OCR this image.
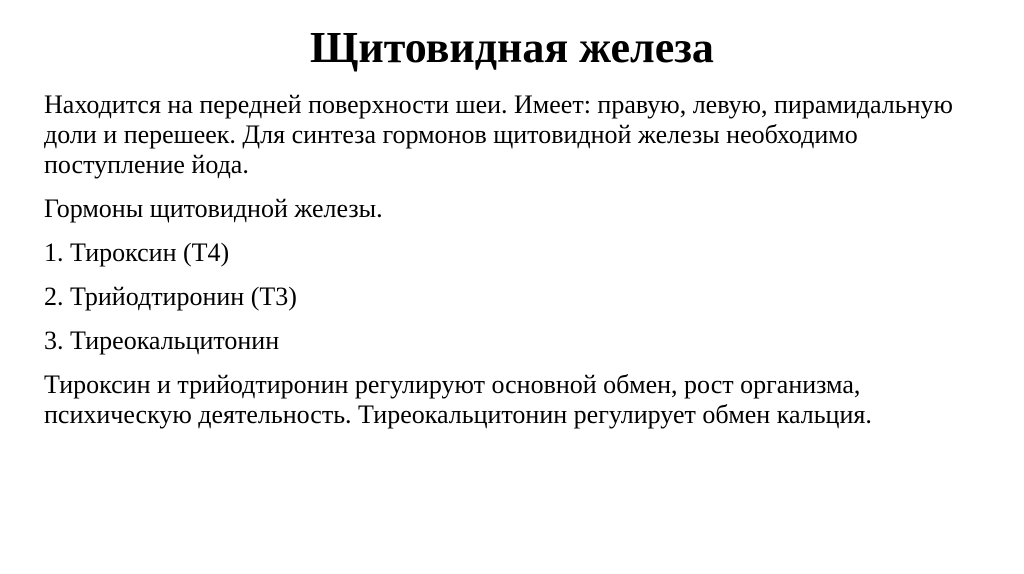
Щитовидная железа

Находится на передней поверхности шеи. Имеет: правую, левую, пирамидальную доли и перешеек. Для синтеза гормонов щитовидной железы необходимо поступление йода.

Гормоны щитовидной железы.

1. Тироксин (Т4)

2. Трийодтиронин (Т3)

3. Тиреокальцитонин

Тироксин и трийодтиронин регулируют основной обмен, рост организма, психическую деятельность. Тиреокальцитонин регулирует обмен кальция.
